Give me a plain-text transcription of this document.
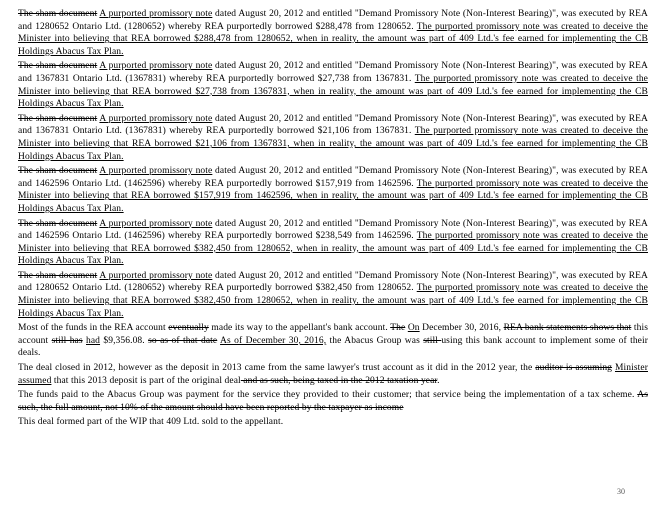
The sham document A purported promissory note dated August 20, 2012 and entitled "Demand Promissory Note (Non-Interest Bearing)", was executed by REA and 1280652 Ontario Ltd. (1280652) whereby REA purportedly borrowed $288,478 from 1280652. The purported promissory note was created to deceive the Minister into believing that REA borrowed $288,478 from 1280652, when in reality, the amount was part of 409 Ltd.'s fee earned for implementing the CB Holdings Abacus Tax Plan.

The sham document A purported promissory note dated August 20, 2012 and entitled "Demand Promissory Note (Non-Interest Bearing)", was executed by REA and 1367831 Ontario Ltd. (1367831) whereby REA purportedly borrowed $27,738 from 1367831. The purported promissory note was created to deceive the Minister into believing that REA borrowed $27,738 from 1367831, when in reality, the amount was part of 409 Ltd.'s fee earned for implementing the CB Holdings Abacus Tax Plan.

The sham document A purported promissory note dated August 20, 2012 and entitled "Demand Promissory Note (Non-Interest Bearing)", was executed by REA and 1367831 Ontario Ltd. (1367831) whereby REA purportedly borrowed $21,106 from 1367831. The purported promissory note was created to deceive the Minister into believing that REA borrowed $21,106 from 1367831, when in reality, the amount was part of 409 Ltd.'s fee earned for implementing the CB Holdings Abacus Tax Plan.

The sham document A purported promissory note dated August 20, 2012 and entitled "Demand Promissory Note (Non-Interest Bearing)", was executed by REA and 1462596 Ontario Ltd. (1462596) whereby REA purportedly borrowed $157,919 from 1462596. The purported promissory note was created to deceive the Minister into believing that REA borrowed $157,919 from 1462596, when in reality, the amount was part of 409 Ltd.'s fee earned for implementing the CB Holdings Abacus Tax Plan.

The sham document A purported promissory note dated August 20, 2012 and entitled "Demand Promissory Note (Non-Interest Bearing)", was executed by REA and 1462596 Ontario Ltd. (1462596) whereby REA purportedly borrowed $238,549 from 1462596. The purported promissory note was created to deceive the Minister into believing that REA borrowed $382,450 from 1280652, when in reality, the amount was part of 409 Ltd.'s fee earned for implementing the CB Holdings Abacus Tax Plan.

The sham document A purported promissory note dated August 20, 2012 and entitled "Demand Promissory Note (Non-Interest Bearing)", was executed by REA and 1280652 Ontario Ltd. (1280652) whereby REA purportedly borrowed $382,450 from 1280652. The purported promissory note was created to deceive the Minister into believing that REA borrowed $382,450 from 1280652, when in reality, the amount was part of 409 Ltd.'s fee earned for implementing the CB Holdings Abacus Tax Plan.

Most of the funds in the REA account eventually made its way to the appellant's bank account. The On December 30, 2016, REA bank statements shows that this account still has had $9,356.08. so as of that date As of December 30, 2016, the Abacus Group was still using this bank account to implement some of their deals.

The deal closed in 2012, however as the deposit in 2013 came from the same lawyer's trust account as it did in the 2012 year, the auditor is assuming Minister assumed that this 2013 deposit is part of the original deal and as such, being taxed in the 2012 taxation year.

The funds paid to the Abacus Group was payment for the service they provided to their customer; that service being the implementation of a tax scheme. As such, the full amount, not 10% of the amount should have been reported by the taxpayer as income

This deal formed part of the WIP that 409 Ltd. sold to the appellant.

30
